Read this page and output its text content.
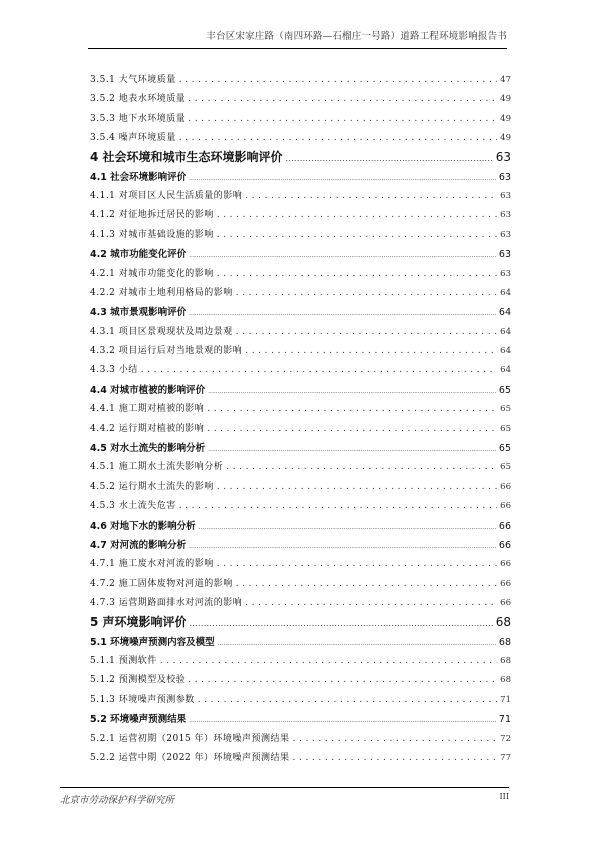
丰台区宋家庄路（南四环路—石榴庄一号路）道路工程环境影响报告书
3.5.1 大气环境质量 .....	47
3.5.2 地表水环境质量 .....	49
3.5.3 地下水环境质量 .....	49
3.5.4 噪声环境质量 .....	49
4 社会环境和城市生态环境影响评价 .....	63
4.1 社会环境影响评价 .....	63
4.1.1 对项目区人民生活质量的影响 .....	63
4.1.2 对征地拆迁居民的影响 .....	63
4.1.3 对城市基础设施的影响 .....	63
4.2 城市功能变化评价 .....	63
4.2.1 对城市功能变化的影响 .....	63
4.2.2 对城市土地利用格局的影响 .....	64
4.3 城市景观影响评价 .....	64
4.3.1 项目区景观现状及周边景观 .....	64
4.3.2 项目运行后对当地景观的影响 .....	64
4.3.3 小结 .....	64
4.4 对城市植被的影响评价 .....	65
4.4.1 施工期对植被的影响 .....	65
4.4.2 运行期对植被的影响 .....	65
4.5 对水土流失的影响分析 .....	65
4.5.1 施工期水土流失影响分析 .....	65
4.5.2 运行期水土流失的影响 .....	66
4.5.3 水土流失危害 .....	66
4.6 对地下水的影响分析 .....	66
4.7 对河流的影响分析 .....	66
4.7.1 施工废水对河流的影响 .....	66
4.7.2 施工固体废物对河道的影响 .....	66
4.7.3 运营期路面排水对河流的影响 .....	66
5 声环境影响评价 .....	68
5.1 环境噪声预测内容及模型 .....	68
5.1.1 预测软件 .....	68
5.1.2 预测模型及校验 .....	68
5.1.3 环境噪声预测参数 .....	71
5.2 环境噪声预测结果 .....	71
5.2.1 运营初期（2015 年）环境噪声预测结果 .....	72
5.2.2 运营中期（2022 年）环境噪声预测结果 .....	77
北京市劳动保护科学研究所	III
